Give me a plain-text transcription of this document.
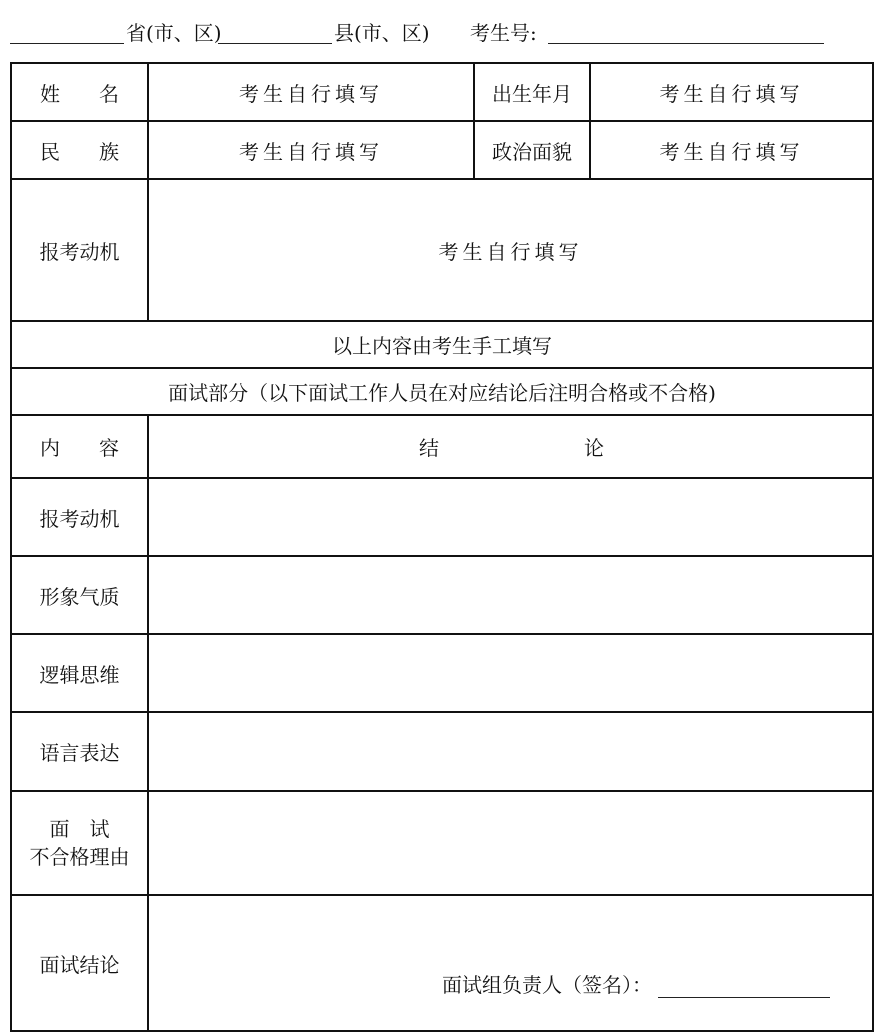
省(市、区)	县(市、区) 考生号:
姓 名	考生自行填写	出生年月	考生自行填写

民 族	考生自行填写	政治面貌	考生自行填写
报考动机	考生自行填写		
以上内容由考生手工填写			
面试部分（以下面试工作人员在对应结论后注明合格或不合格)			

内 容	结 论		

报考动机			
形象气质			
逻辑思维			
语言表达			

面　试
不合格理由			

面试结论	面试组负责人（签名）：		
